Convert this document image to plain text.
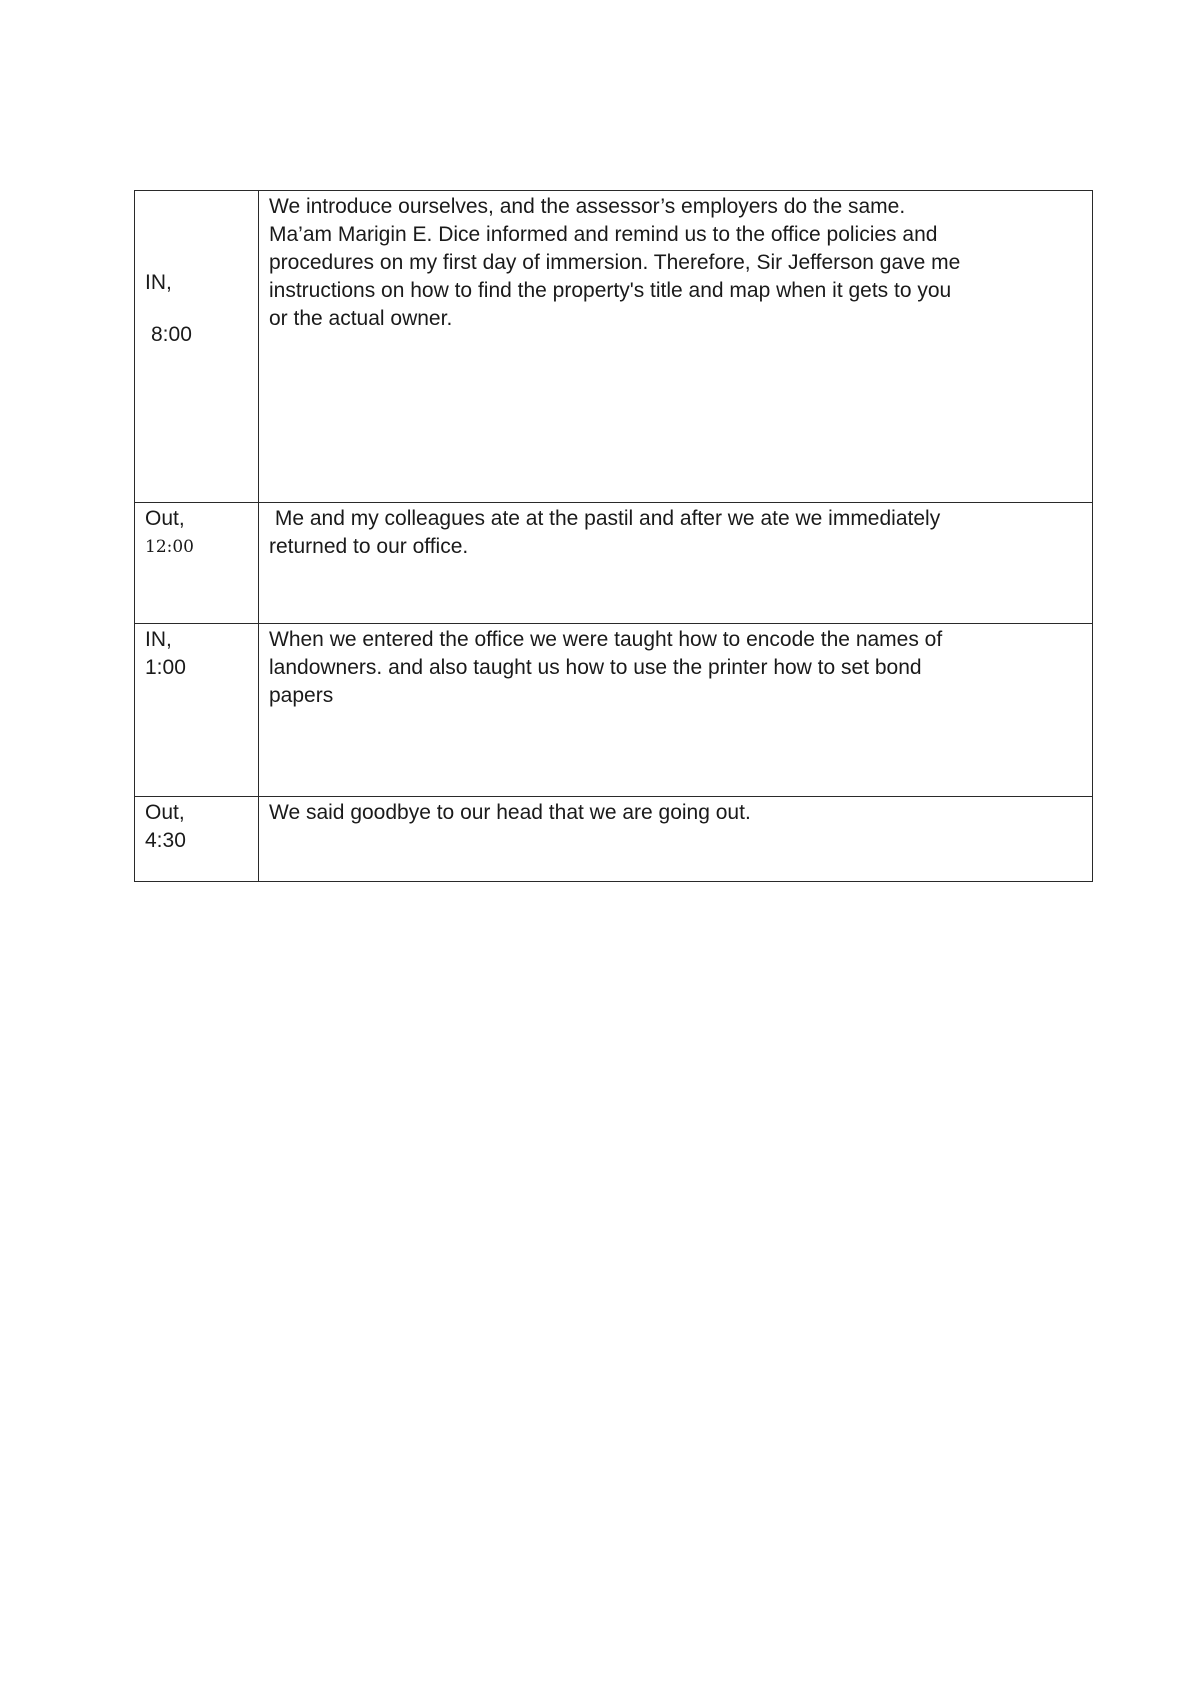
IN,
8:00	We introduce ourselves, and the assessor’s employers do the same.
Ma’am Marigin E. Dice informed and remind us to the office policies and
procedures on my first day of immersion. Therefore, Sir Jefferson gave me
instructions on how to find the property's title and map when it gets to you
or the actual owner.

Out,
12:00	Me and my colleagues ate at the pastil and after we ate we immediately
returned to our office.

IN,
1:00	When we entered the office we were taught how to encode the names of
landowners. and also taught us how to use the printer how to set bond
papers

Out,
4:30	We said goodbye to our head that we are going out.
